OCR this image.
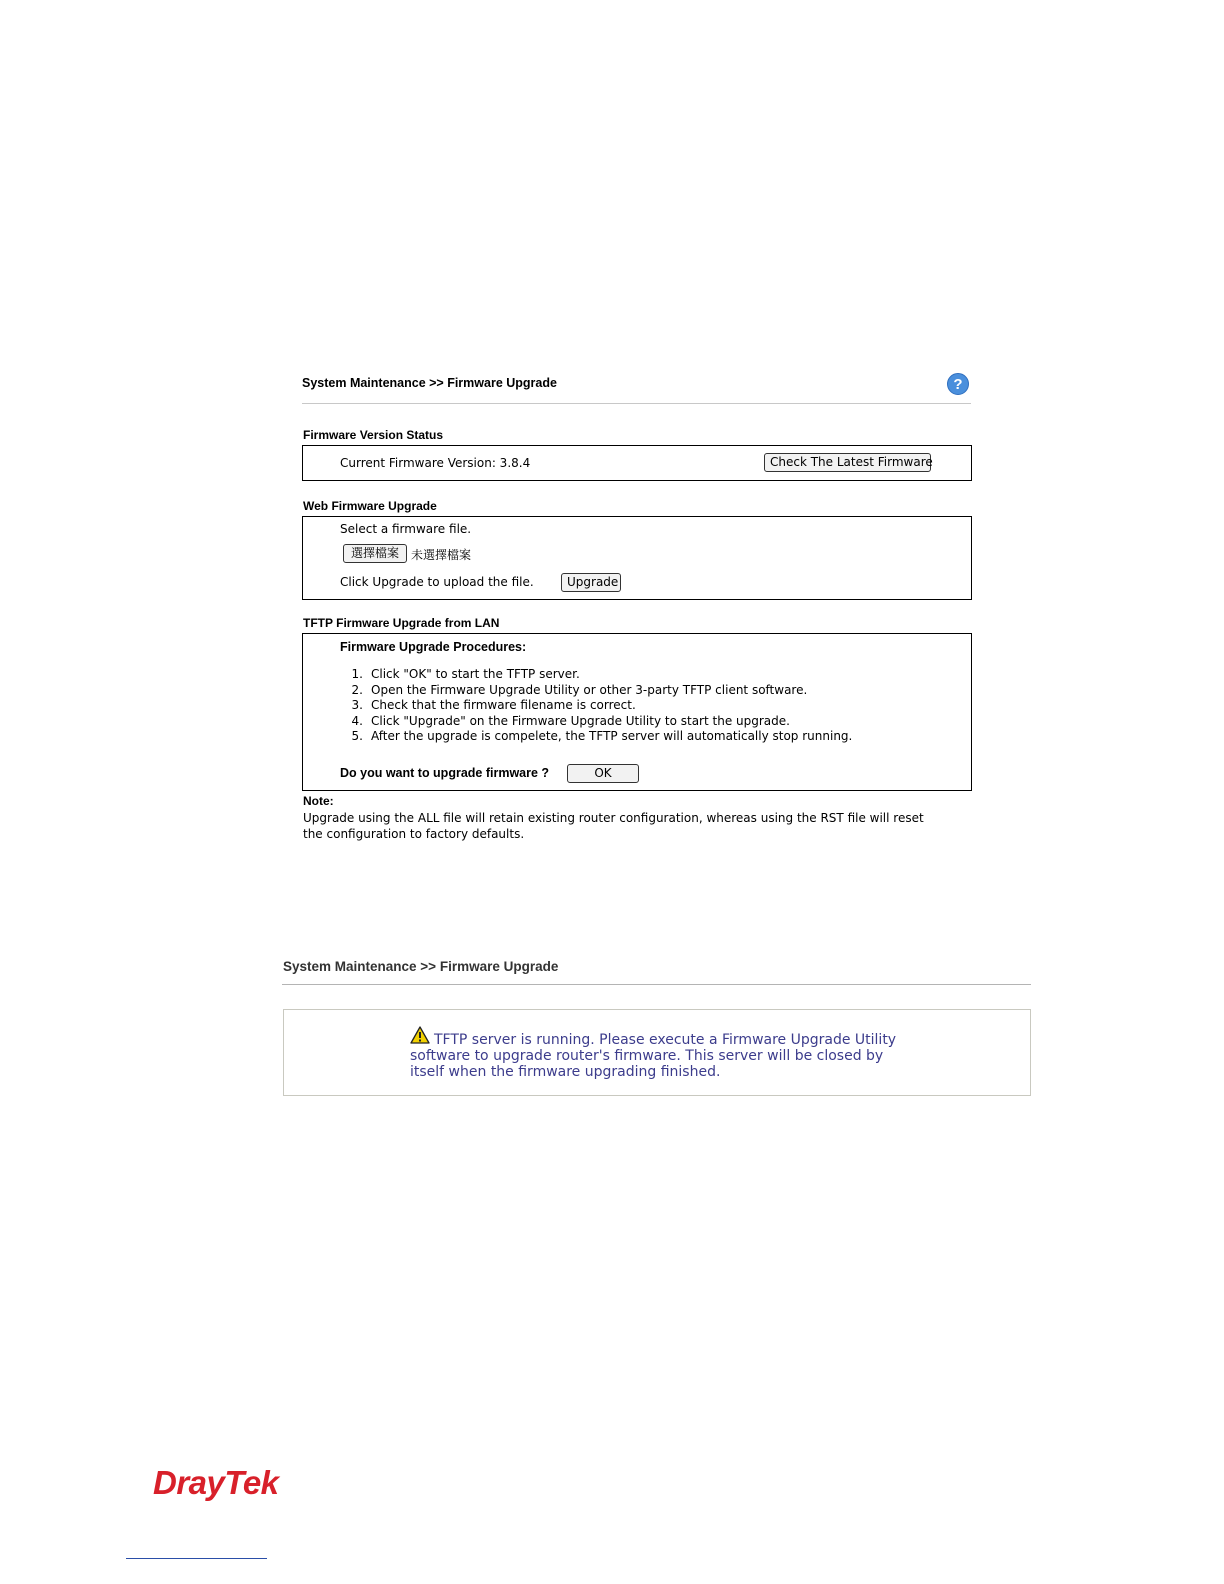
System Maintenance >> Firmware Upgrade	?
Firmware Version Status
Current Firmware Version: 3.8.4	Check The Latest Firmware
Web Firmware Upgrade
Select a firmware file.
選擇檔案	未選擇檔案
Click Upgrade to upload the file.	Upgrade
TFTP Firmware Upgrade from LAN
Firmware Upgrade Procedures:
1. Click "OK" to start the TFTP server.
2. Open the Firmware Upgrade Utility or other 3-party TFTP client software.
3. Check that the firmware filename is correct.
4. Click "Upgrade" on the Firmware Upgrade Utility to start the upgrade.
5. After the upgrade is compelete, the TFTP server will automatically stop running.
Do you want to upgrade firmware ?	OK
Note:
Upgrade using the ALL file will retain existing router configuration, whereas using the RST file will reset
the configuration to factory defaults.
System Maintenance >> Firmware Upgrade
TFTP server is running. Please execute a Firmware Upgrade Utility
software to upgrade router's firmware. This server will be closed by
itself when the firmware upgrading finished.
DrayTek
